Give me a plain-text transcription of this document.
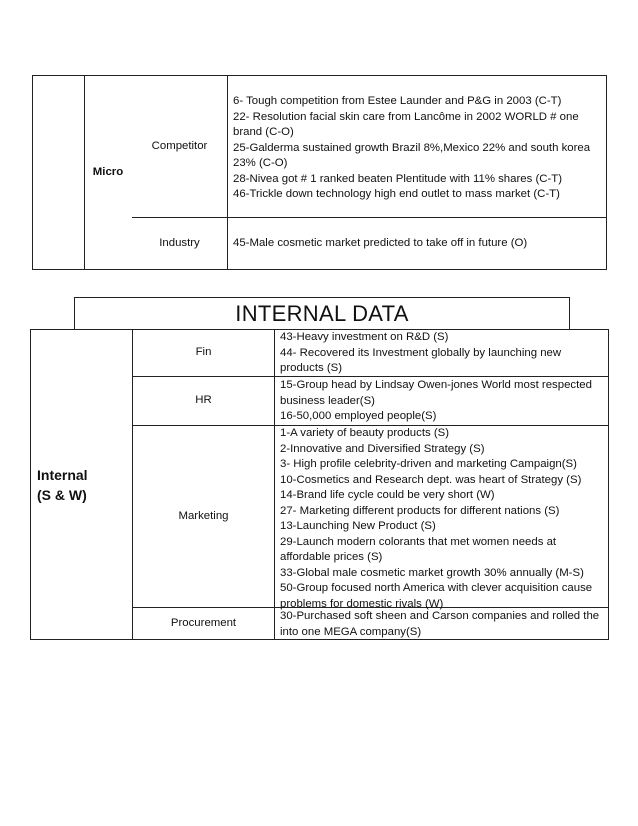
Micro
Competitor
6- Tough competition from Estee Launder and P&G in 2003 (C-T)
22- Resolution facial skin care from Lancôme in 2002 WORLD # one
brand (C-O)
25-Galderma sustained growth Brazil 8%,Mexico 22% and south korea
23% (C-O)
28-Nivea got # 1 ranked beaten Plentitude with 11% shares (C-T)
46-Trickle down technology high end outlet to mass market (C-T)
Industry	45-Male cosmetic market predicted to take off in future (O)
INTERNAL DATA
Internal
(S & W)
Fin
43-Heavy investment on R&D (S)
44- Recovered its Investment globally by launching new
products (S)
HR
15-Group head by Lindsay Owen-jones World most respected
business leader(S)
16-50,000 employed people(S)
Marketing
1-A variety of beauty products (S)
2-Innovative and Diversified Strategy (S)
3- High profile celebrity-driven and marketing Campaign(S)
10-Cosmetics and Research dept. was heart of Strategy (S)
14-Brand life cycle could be very short (W)
27- Marketing different products for different nations (S)
13-Launching New Product (S)
29-Launch modern colorants that met women needs at
affordable prices (S)
33-Global male cosmetic market growth 30% annually (M-S)
50-Group focused north America with clever acquisition cause
problems for domestic rivals (W)
Procurement
30-Purchased soft sheen and Carson companies and rolled the
into one MEGA company(S)
